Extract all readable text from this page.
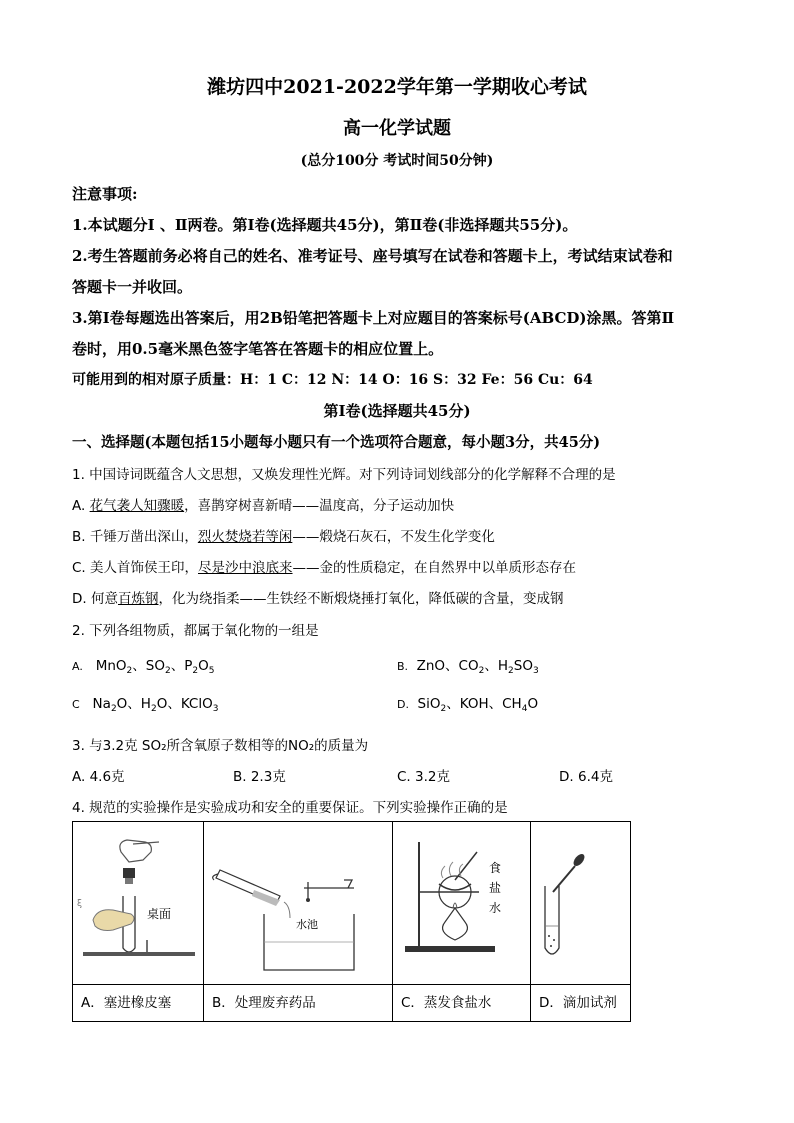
潍坊四中2021-2022学年第一学期收心考试
高一化学试题
(总分100分 考试时间50分钟)
注意事项:
1.本试题分Ⅰ 、Ⅱ两卷。第Ⅰ卷(选择题共45分)，第Ⅱ卷(非选择题共55分)。
2.考生答题前务必将自己的姓名、准考证号、座号填写在试卷和答题卡上，考试结束试卷和
答题卡一并收回。
3.第Ⅰ卷每题选出答案后，用2B铅笔把答题卡上对应题目的答案标号(ABCD)涂黑。答第Ⅱ
卷时，用0.5毫米黑色签字笔答在答题卡的相应位置上。
可能用到的相对原子质量：H：1 C：12 N：14 O：16 S：32 Fe：56 Cu：64
第Ⅰ卷(选择题共45分)
一、选择题(本题包括15小题每小题只有一个选项符合题意，每小题3分，共45分)
1. 中国诗词既蕴含人文思想，又焕发理性光辉。对下列诗词划线部分的化学解释不合理的是
A. 花气袭人知骤暖，喜鹊穿树喜新晴——温度高，分子运动加快
B. 千锤万凿出深山，烈火焚烧若等闲——煅烧石灰石，不发生化学变化
C. 美人首饰侯王印，尽是沙中浪底来——金的性质稳定，在自然界中以单质形态存在
D. 何意百炼钢，化为绕指柔——生铁经不断煅烧捶打氧化，降低碳的含量，变成钢
2. 下列各组物质，都属于氧化物的一组是
A.   MnO$_2$、$SO_2$、$P_2O_5$	B.  ZnO、$CO_2$、$H_2SO_3$
C   $Na_2O$、$H_2O$、KClO$_3$	D.  SiO$_2$、KOH、$CH_4O$
3. 与3.2克 SO₂所含氧原子数相等的NO₂的质量为
A. 4.6克	B. 2.3克	C. 3.2克	D. 6.4克
4. 规范的实验操作是实验成功和安全的重要保证。下列实验操作正确的是
桌面
ξ	水池	食
盐
水

A．塞进橡皮塞	B．处理废弃药品	C．蒸发食盐水	D．滴加试剂
